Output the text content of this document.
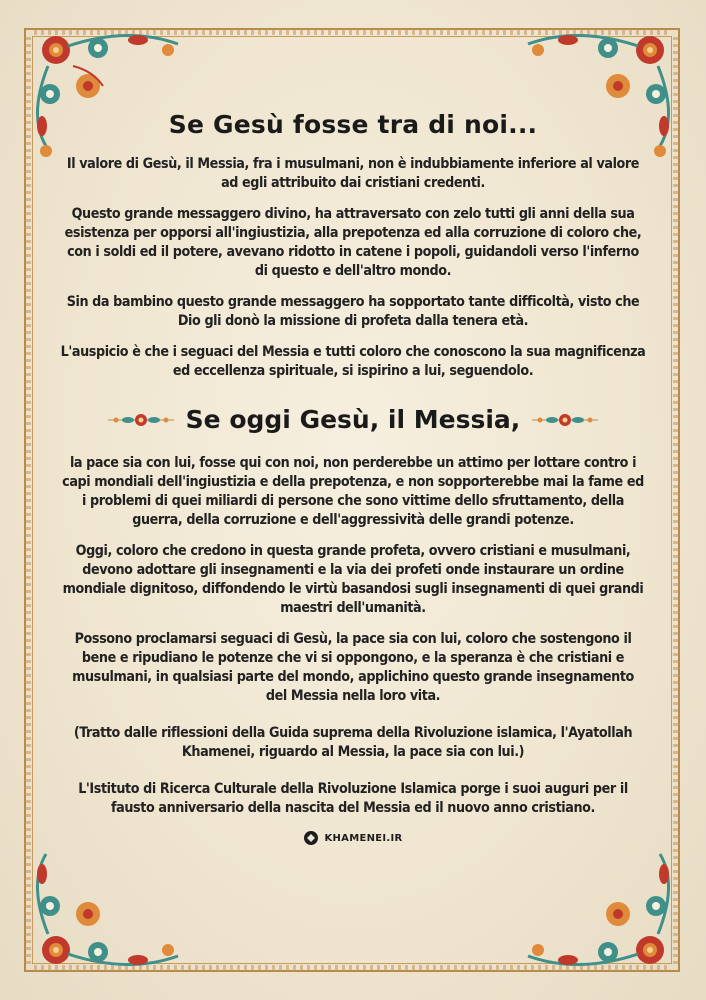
Se Gesù fosse tra di noi...

Il valore di Gesù, il Messia, fra i musulmani, non è indubbiamente inferiore al valore ad egli attribuito dai cristiani credenti.

Questo grande messaggero divino, ha attraversato con zelo tutti gli anni della sua esistenza per opporsi all'ingiustizia, alla prepotenza ed alla corruzione di coloro che, con i soldi ed il potere, avevano ridotto in catene i popoli, guidandoli verso l'inferno di questo e dell'altro mondo.

Sin da bambino questo grande messaggero ha sopportato tante difficoltà, visto che Dio gli donò la missione di profeta dalla tenera età.

L'auspicio è che i seguaci del Messia e tutti coloro che conoscono la sua magnificenza ed eccellenza spirituale, si ispirino a lui, seguendolo.

Se oggi Gesù, il Messia,

la pace sia con lui, fosse qui con noi, non perderebbe un attimo per lottare contro i capi mondiali dell'ingiustizia e della prepotenza, e non sopporterebbe mai la fame ed i problemi di quei miliardi di persone che sono vittime dello sfruttamento, della guerra, della corruzione e dell'aggressività delle grandi potenze.

Oggi, coloro che credono in questa grande profeta, ovvero cristiani e musulmani, devono adottare gli insegnamenti e la via dei profeti onde instaurare un ordine mondiale dignitoso, diffondendo le virtù basandosi sugli insegnamenti di quei grandi maestri dell'umanità.

Possono proclamarsi seguaci di Gesù, la pace sia con lui, coloro che sostengono il bene e ripudiano le potenze che vi si oppongono, e la speranza è che cristiani e musulmani, in qualsiasi parte del mondo, applichino questo grande insegnamento del Messia nella loro vita.

(Tratto dalle riflessioni della Guida suprema della Rivoluzione islamica, l'Ayatollah Khamenei, riguardo al Messia, la pace sia con lui.)

L'Istituto di Ricerca Culturale della Rivoluzione Islamica porge i suoi auguri per il fausto anniversario della nascita del Messia ed il nuovo anno cristiano.

KHAMENEI.IR
